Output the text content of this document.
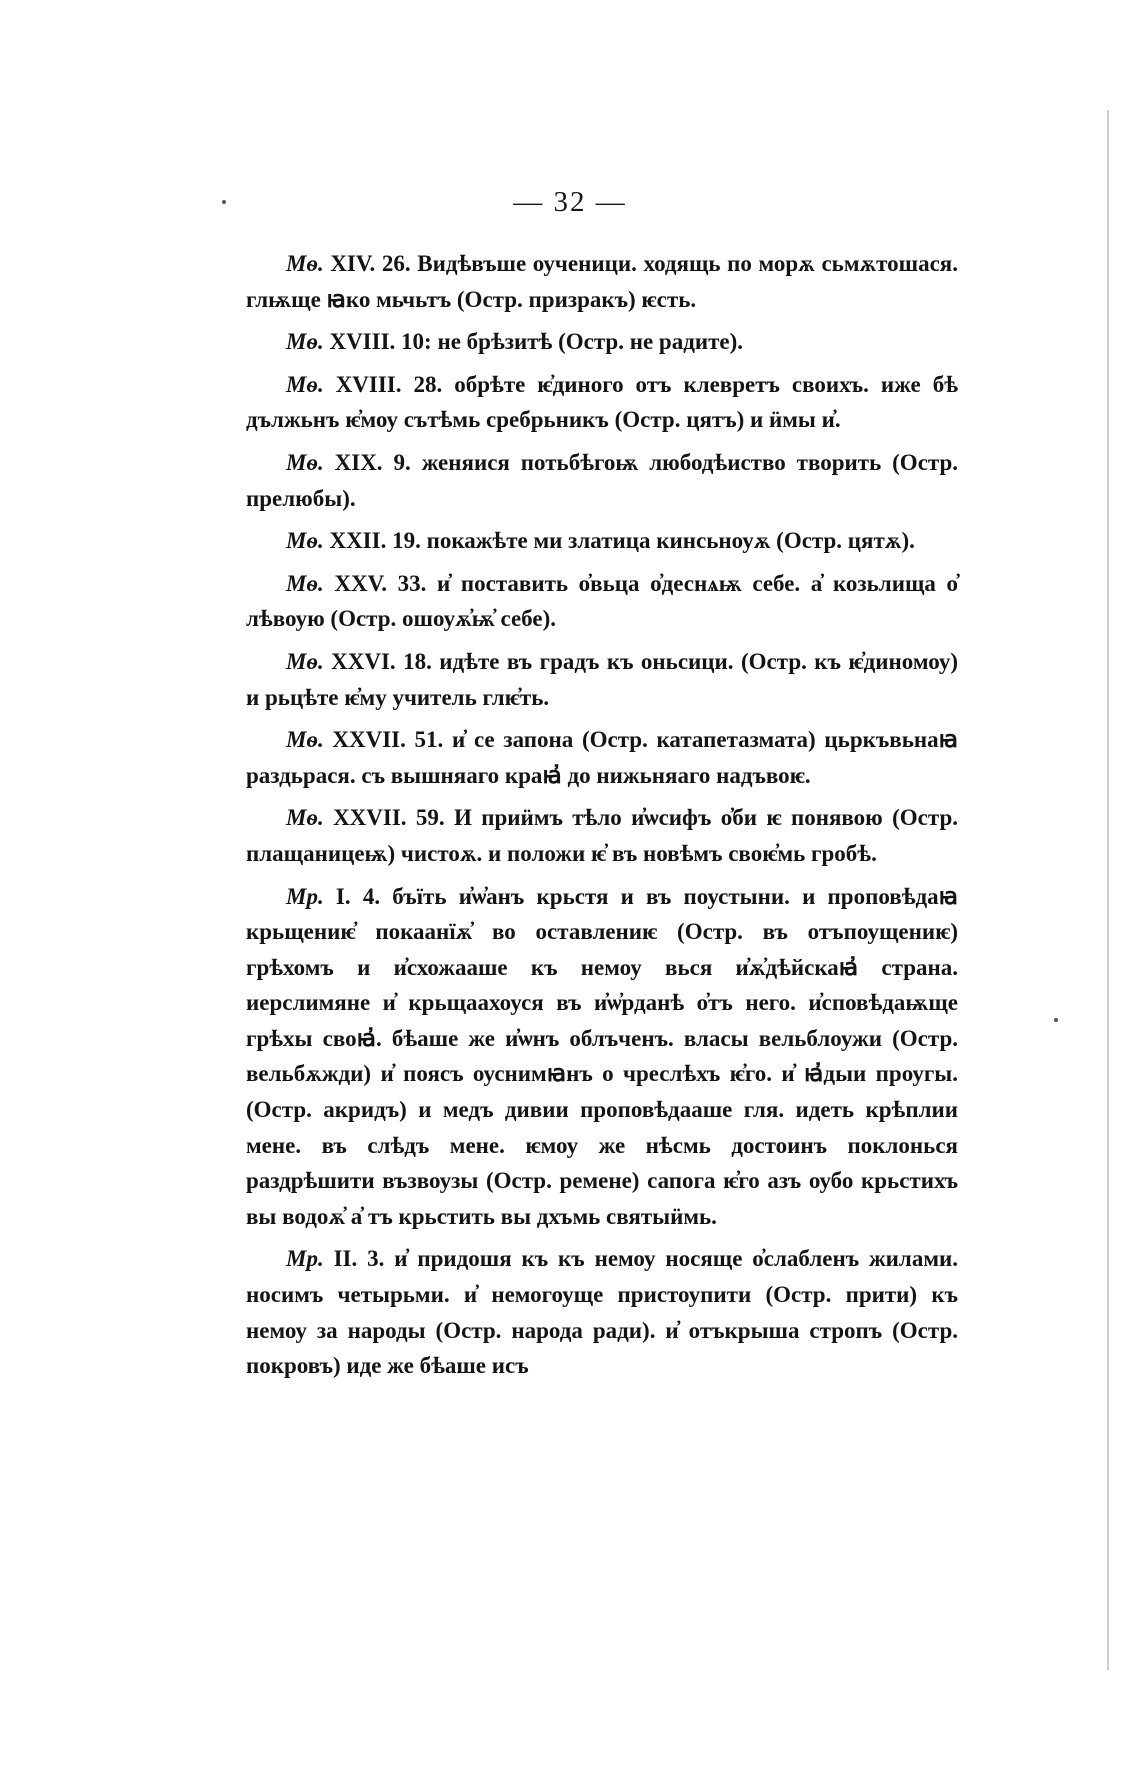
— 32 —

Мѳ. XIV. 26. Видѣвъше оученици. ходящь по морѫ сьмѫтошася. глѭще ꙗко мьчьтъ (Остр. призракъ) ѥсть.

Мѳ. XVIII. 10: не брѣзитѣ (Остр. не радите).

Мѳ. XVIII. 28. обрѣте ѥ҆диного отъ клевретъ своихъ. иже бѣ дължьнъ ѥ҆моу сътѣмь сребрьникъ (Остр. цятъ) и ӥмы и҆.

Мѳ. XIX. 9. женяися потьбѣгоѭ любодѣиство творить (Остр. прелюбы).

Мѳ. XXII. 19. покажѣте ми златица кинсьноуѫ (Остр. цятѫ).

Мѳ. XXV. 33. и҆ поставить о҆вьца о҆деснѧѭ себе. а҆ козьлища о҆ лѣвоую (Остр. ошоуѫ҆ѭ҆ себе).

Мѳ. XXVI. 18. идѣте въ градъ къ оньсици. (Остр. къ ѥ҆диномоу) и рьцѣте ѥ҆му учитель глѥ҆ть.

Мѳ. XXVII. 51. и҆ се запона (Остр. катапетазмата) цьркъвьнаꙗ раздьрася. съ вышняаго краꙗ҆ до нижьняаго надъвоѥ.

Мѳ. XXVII. 59. И приӥмъ тѣло и҆ѡсифъ о҆би ѥ понявою (Остр. плащаницеѭ) чистоѫ. и положи ѥ҆ въ новѣмъ своѥ҆мь гробѣ.

Мр. I. 4. бъїть и҆ѡ҆анъ крьстя и въ поустыни. и проповѣдаꙗ крьщениѥ҆ покаанїѫ҆ во оставлениѥ (Остр. въ отъпоущениѥ) грѣхомъ и и҆схожааше къ немоу вься и҆ѫ҆дѣйскаꙗ҆ страна. иерслимяне и҆ крьщаахоуся въ и҆ѡ҆рданѣ о҆тъ него. и҆сповѣдаѭще грѣхы своꙗ҆. бѣаше же и҆ѡнъ облъченъ. власы вельблоужи (Остр. вельбѫжди) и҆ поясъ оуснимꙗнъ о чреслѣхъ ѥ҆го. и҆ ꙗ҆дыи проугы. (Остр. акридъ) и медъ дивии проповѣдааше гля. идеть крѣплии мене. въ слѣдъ мене. ѥмоу же нѣсмь достоинъ поклонься раздрѣшити възвоузы (Остр. ремене) сапога ѥ҆го азъ оубо крьстихъ вы водоѫ҆ а҆ тъ крьстить вы дхъмь святыӥмь.

Мр. II. 3. и҆ придошя къ къ немоу носяще о҆слабленъ жилами. носимъ четырьми. и҆ немогоуще пристоупити (Остр. прити) къ немоу за народы (Остр. народа ради). и҆ отъкрыша стропъ (Остр. покровъ) иде же бѣаше исъ
